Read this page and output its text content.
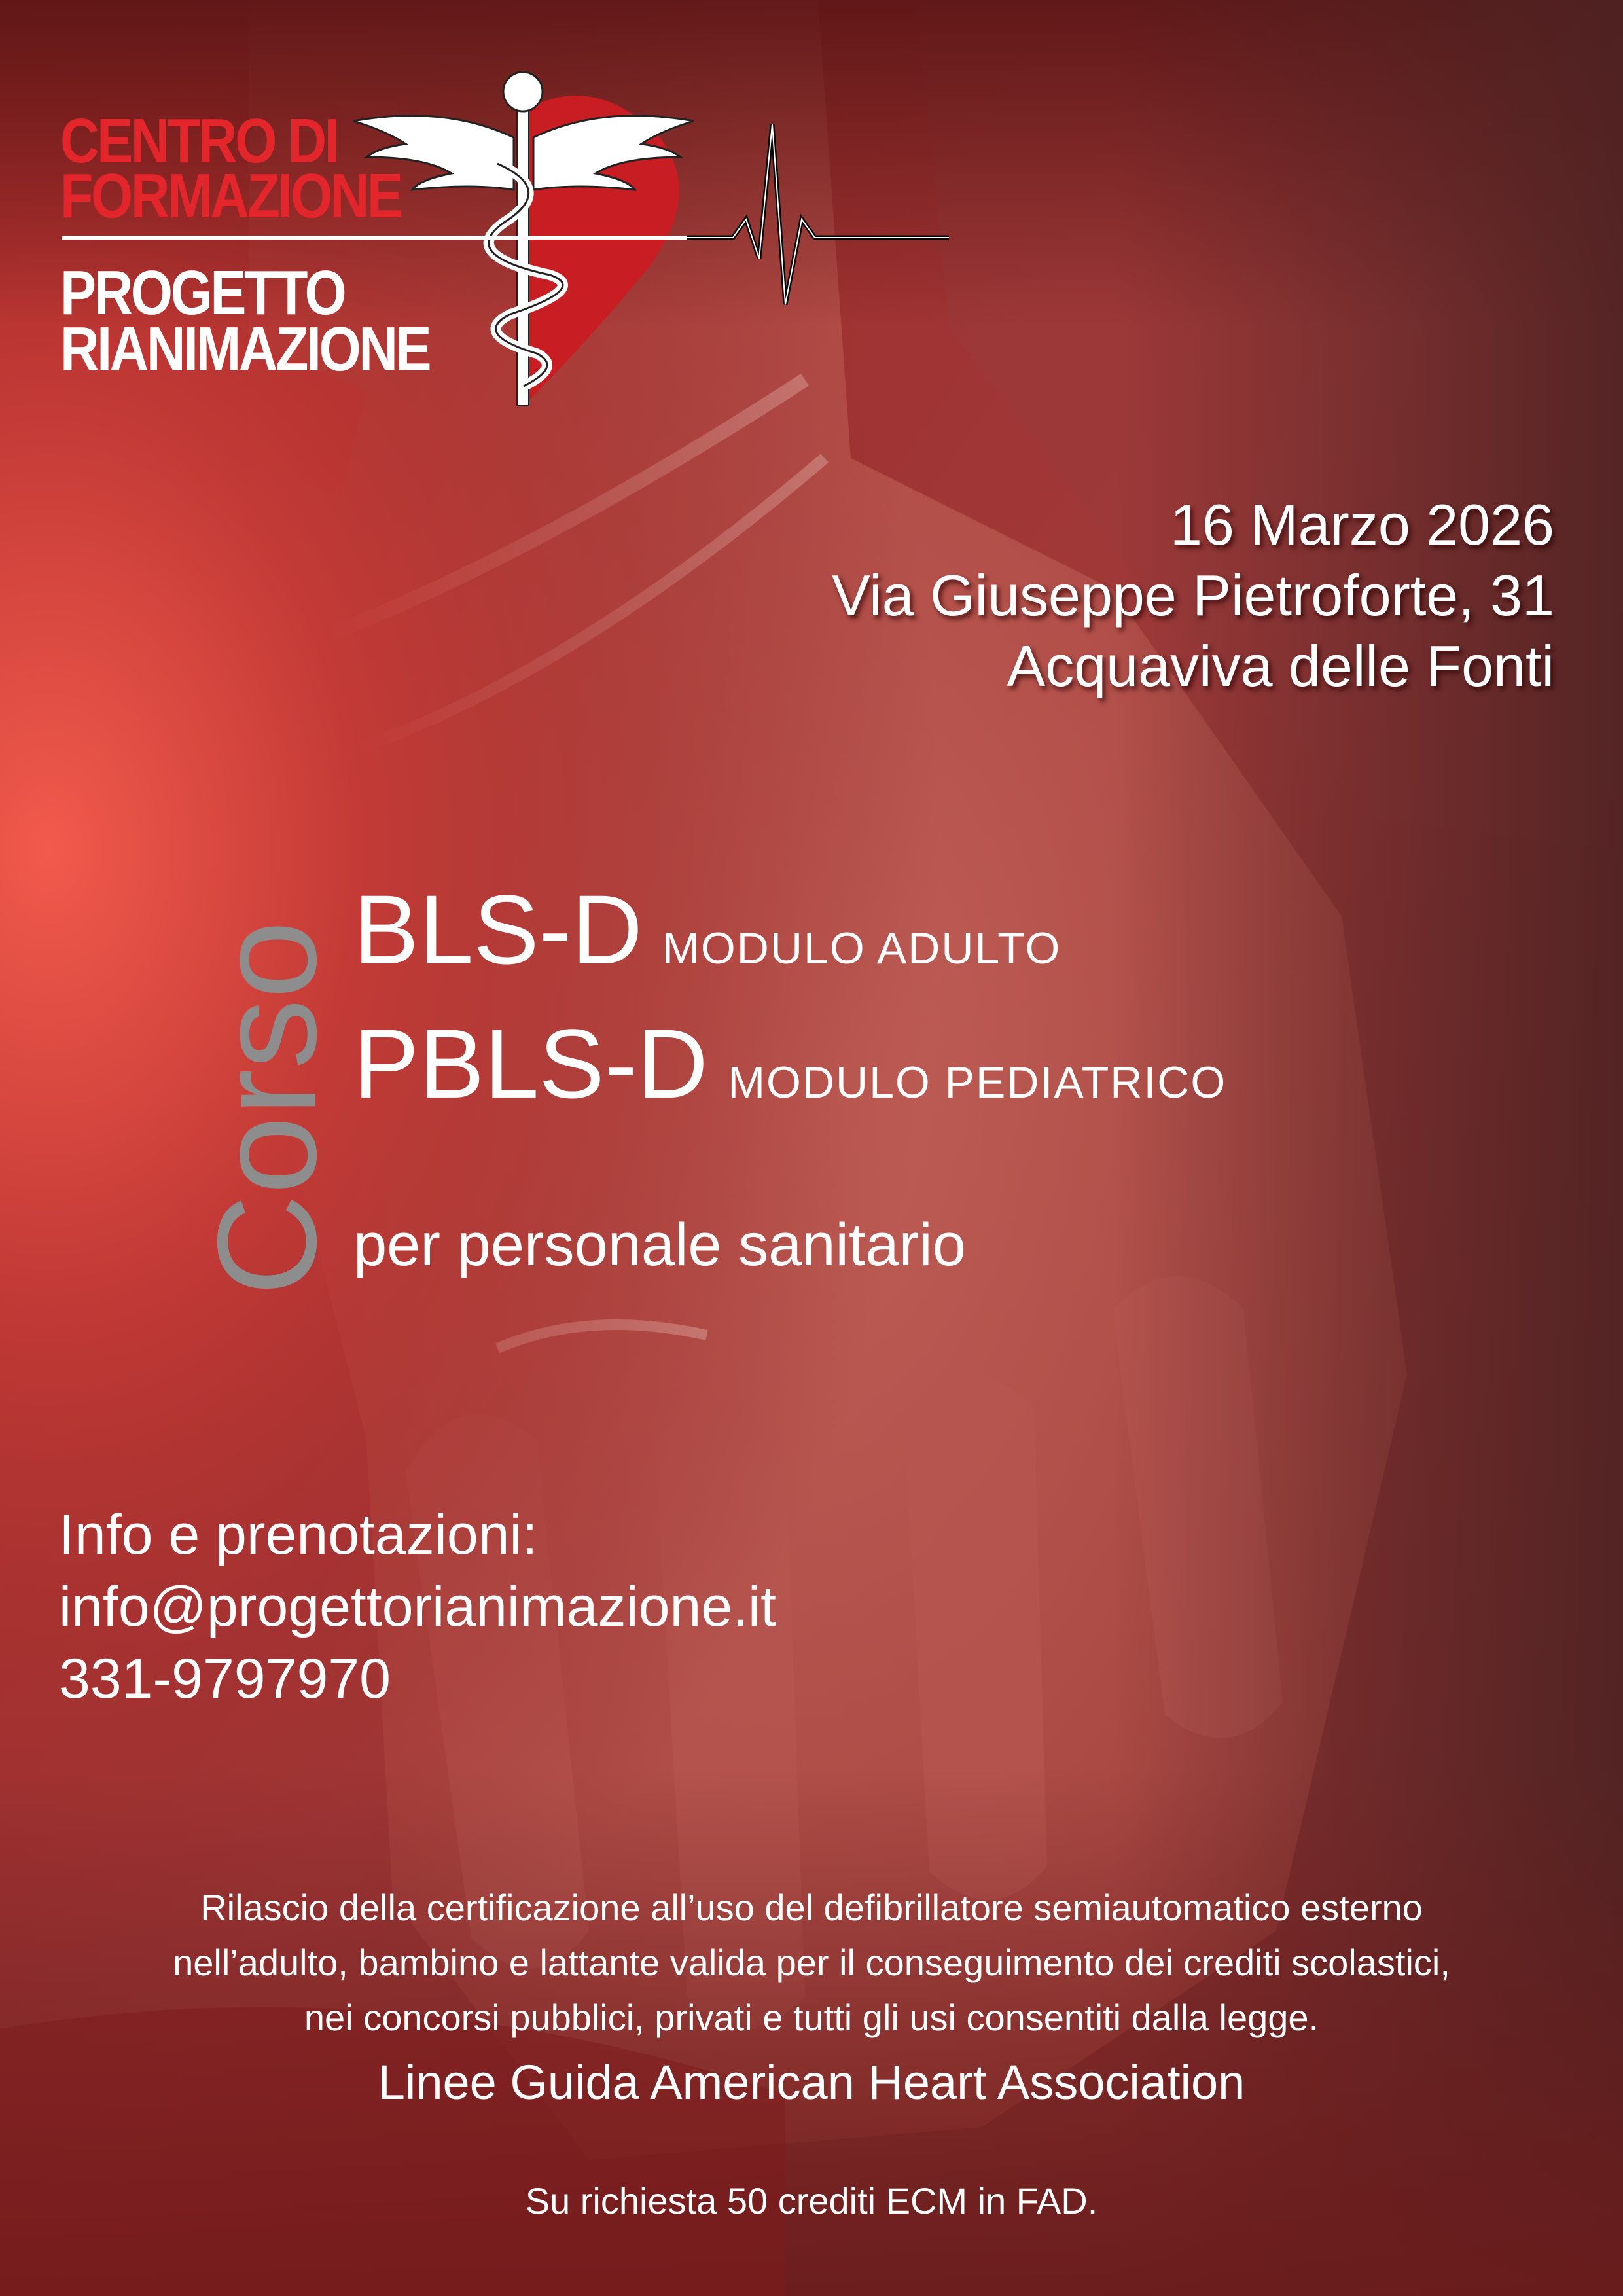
CENTRO DI
FORMAZIONE
PROGETTO
RIANIMAZIONE
16 Marzo 2026
Via Giuseppe Pietroforte, 31
Acquaviva delle Fonti
Corso BLS-D MODULO ADULTO
PBLS-D MODULO PEDIATRICO
per personale sanitario
Info e prenotazioni:
info@progettorianimazione.it
331-9797970
Rilascio della certificazione all’uso del defibrillatore semiautomatico esterno
nell’adulto, bambino e lattante valida per il conseguimento dei crediti scolastici,
nei concorsi pubblici, privati e tutti gli usi consentiti dalla legge.
Linee Guida American Heart Association
Su richiesta 50 crediti ECM in FAD.
